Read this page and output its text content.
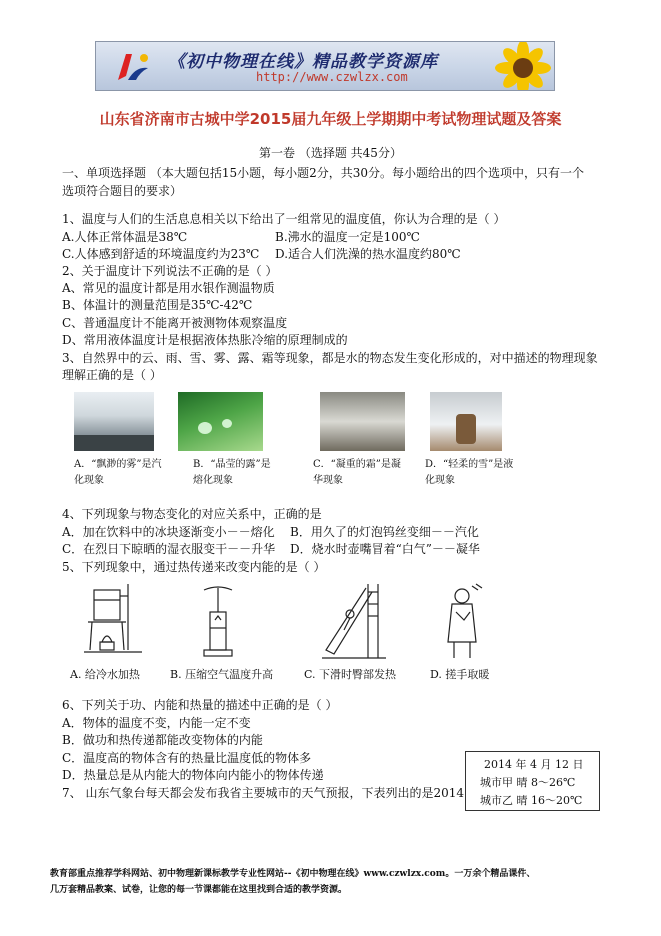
《初中物理在线》精品教学资源库
http://www.czwlzx.com
山东省济南市古城中学2015届九年级上学期期中考试物理试题及答案
第一卷 （选择题 共45分）
一、单项选择题 （本大题包括15小题，每小题2分，共30分。每小题给出的四个选项中，只有一个
选项符合题目的要求）
1、温度与人们的生活息息相关以下给出了一组常见的温度值，你认为合理的是（ ）
A.人体正常体温是38℃	B.沸水的温度一定是100℃
C.人体感到舒适的环境温度约为23℃ D.适合人们洗澡的热水温度约80℃
2、关于温度计下列说法不正确的是（ ）
A、常见的温度计都是用水银作测温物质
B、体温计的测量范围是35℃-42℃
C、普通温度计不能离开被测物体观察温度
D、常用液体温度计是根据液体热胀冷缩的原理制成的
3、自然界中的云、雨、雪、雾、露、霜等现象，都是水的物态发生变化形成的，对中描述的物理现象
理解正确的是（ ）
A．“飘渺的雾”是汽
化现象
B．“晶莹的露”是
熔化现象
C．“凝重的霜”是凝
华现象
D．“轻柔的雪”是液
化现象
4、下列现象与物态变化的对应关系中，正确的是
A．加在饮料中的冰块逐渐变小－－熔化 B．用久了的灯泡钨丝变细－－汽化
C．在烈日下晾晒的湿衣服变干－－升华 D．烧水时壶嘴冒着“白气”－－凝华
5、下列现象中，通过热传递来改变内能的是（ ）
A. 给冷水加热	B. 压缩空气温度升高	C. 下滑时臀部发热	D. 搓手取暖
6、下列关于功、内能和热量的描述中正确的是（ ）
A．物体的温度不变，内能一定不变
B．做功和热传递都能改变物体的内能
C．温度高的物体含有的热量比温度低的物体多
D．热量总是从内能大的物体向内能小的物体传递
7、 山东气象台每天都会发布我省主要城市的天气预报，下表列出的是2014
2014 年 4 月 12 日
城市甲 晴 8～26℃
城市乙 晴 16～20℃
教育部重点推荐学科网站、初中物理新课标教学专业性网站--《初中物理在线》www.czwlzx.com。一万余个精品课件、
几万套精品教案、试卷，让您的每一节课都能在这里找到合适的教学资源。
